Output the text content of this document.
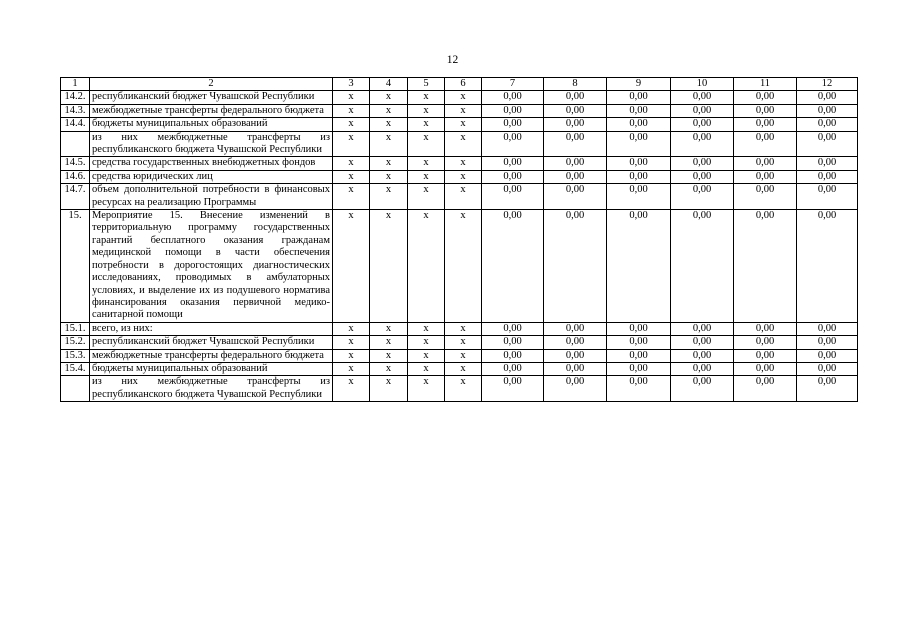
12
1	2	3	4	5	6	7	8	9	10	11	12
14.2.	республиканский бюджет Чувашской Республики	x	x	x	x	0,00	0,00	0,00	0,00	0,00	0,00
14.3.	межбюджетные трансферты федерального бюджета	x	x	x	x	0,00	0,00	0,00	0,00	0,00	0,00
14.4.	бюджеты муниципальных образований	x	x	x	x	0,00	0,00	0,00	0,00	0,00	0,00
	из них межбюджетные трансферты из республиканского бюджета Чувашской Республики	x	x	x	x	0,00	0,00	0,00	0,00	0,00	0,00
14.5.	средства государственных внебюджетных фондов	x	x	x	x	0,00	0,00	0,00	0,00	0,00	0,00
14.6.	средства юридических лиц	x	x	x	x	0,00	0,00	0,00	0,00	0,00	0,00
14.7.	объем дополнительной потребности в финансовых ресурсах на реализацию Программы	x	x	x	x	0,00	0,00	0,00	0,00	0,00	0,00
15.	Мероприятие 15. Внесение изменений в территориальную программу государственных гарантий бесплатного оказания гражданам медицинской помощи в части обеспечения потребности в дорогостоящих диагностических исследованиях, проводимых в амбулаторных условиях, и выделение их из подушевого норматива финансирования оказания первичной медико-санитарной помощи	x	x	x	x	0,00	0,00	0,00	0,00	0,00	0,00
15.1.	всего, из них:	x	x	x	x	0,00	0,00	0,00	0,00	0,00	0,00
15.2.	республиканский бюджет Чувашской Республики	x	x	x	x	0,00	0,00	0,00	0,00	0,00	0,00
15.3.	межбюджетные трансферты федерального бюджета	x	x	x	x	0,00	0,00	0,00	0,00	0,00	0,00
15.4.	бюджеты муниципальных образований	x	x	x	x	0,00	0,00	0,00	0,00	0,00	0,00
	из них межбюджетные трансферты из республиканского бюджета Чувашской Республики	x	x	x	x	0,00	0,00	0,00	0,00	0,00	0,00
